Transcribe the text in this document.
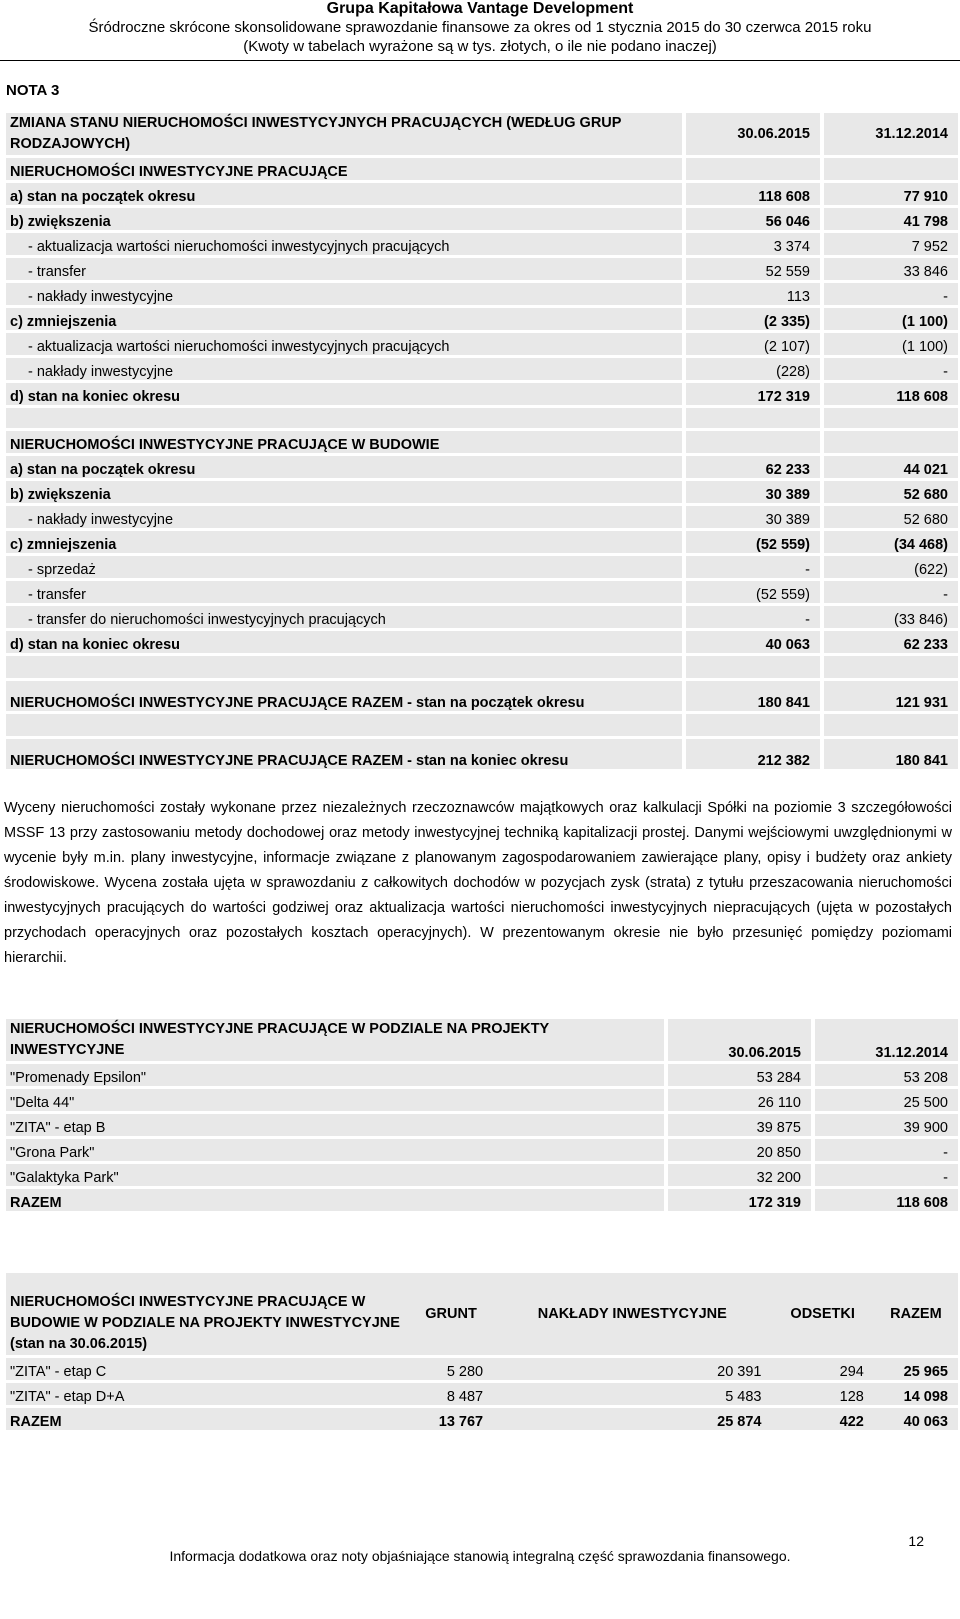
Grupa Kapitałowa Vantage Development
Śródroczne skrócone skonsolidowane sprawozdanie finansowe za okres od 1 stycznia 2015 do 30 czerwca 2015 roku
(Kwoty w tabelach wyrażone są w tys. złotych, o ile nie podano inaczej)
NOTA 3
ZMIANA STANU NIERUCHOMOŚCI INWESTYCYJNYCH PRACUJĄCYCH (WEDŁUG GRUP RODZAJOWYCH)		30.06.2015		31.12.2014
NIERUCHOMOŚCI INWESTYCYJNE PRACUJĄCE				
a) stan na początek okresu		118 608		77 910
b) zwiększenia		56 046		41 798
- aktualizacja wartości nieruchomości inwestycyjnych pracujących		3 374		7 952
- transfer		52 559		33 846
- nakłady inwestycyjne		113		-
c) zmniejszenia		(2 335)		(1 100)
- aktualizacja wartości nieruchomości inwestycyjnych pracujących		(2 107)		(1 100)
- nakłady inwestycyjne		(228)		-
d) stan na koniec okresu		172 319		118 608

NIERUCHOMOŚCI INWESTYCYJNE PRACUJĄCE W BUDOWIE				
a) stan na początek okresu		62 233		44 021
b) zwiększenia		30 389		52 680
- nakłady inwestycyjne		30 389		52 680
c) zmniejszenia		(52 559)		(34 468)
- sprzedaż		-		(622)
- transfer		(52 559)		-
- transfer do nieruchomości inwestycyjnych pracujących		-		(33 846)
d) stan na koniec okresu		40 063		62 233

NIERUCHOMOŚCI INWESTYCYJNE PRACUJĄCE RAZEM - stan na początek okresu		180 841		121 931

NIERUCHOMOŚCI INWESTYCYJNE PRACUJĄCE RAZEM - stan na koniec okresu		212 382		180 841
Wyceny nieruchomości zostały wykonane przez niezależnych rzeczoznawców majątkowych oraz kalkulacji Spółki na poziomie 3 szczegółowości MSSF 13 przy zastosowaniu metody dochodowej oraz metody inwestycyjnej techniką kapitalizacji prostej. Danymi wejściowymi uwzględnionymi w wycenie były m.in. plany inwestycyjne, informacje związane z planowanym zagospodarowaniem zawierające plany, opisy i budżety oraz ankiety środowiskowe. Wycena została ujęta w sprawozdaniu z całkowitych dochodów w pozycjach zysk (strata) z tytułu przeszacowania nieruchomości inwestycyjnych pracujących do wartości godziwej oraz aktualizacja wartości nieruchomości inwestycyjnych niepracujących (ujęta w pozostałych przychodach operacyjnych oraz pozostałych kosztach operacyjnych). W prezentowanym okresie nie było przesunięć pomiędzy poziomami hierarchii.
NIERUCHOMOŚCI INWESTYCYJNE PRACUJĄCE W PODZIALE NA PROJEKTY INWESTYCYJNE		30.06.2015		31.12.2014
"Promenady Epsilon"		53 284		53 208
"Delta 44"		26 110		25 500
"ZITA" - etap B		39 875		39 900
"Grona Park"		20 850		-
"Galaktyka Park"		32 200		-
RAZEM		172 319		118 608
NIERUCHOMOŚCI INWESTYCYJNE PRACUJĄCE W BUDOWIE W PODZIALE NA PROJEKTY INWESTYCYJNE (stan na 30.06.2015)	GRUNT	NAKŁADY INWESTYCYJNE	ODSETKI	RAZEM
"ZITA" - etap C	5 280	20 391	294	25 965
"ZITA" - etap D+A	8 487	5 483	128	14 098
RAZEM	13 767	25 874	422	40 063
12
Informacja dodatkowa oraz noty objaśniające stanowią integralną część sprawozdania finansowego.
